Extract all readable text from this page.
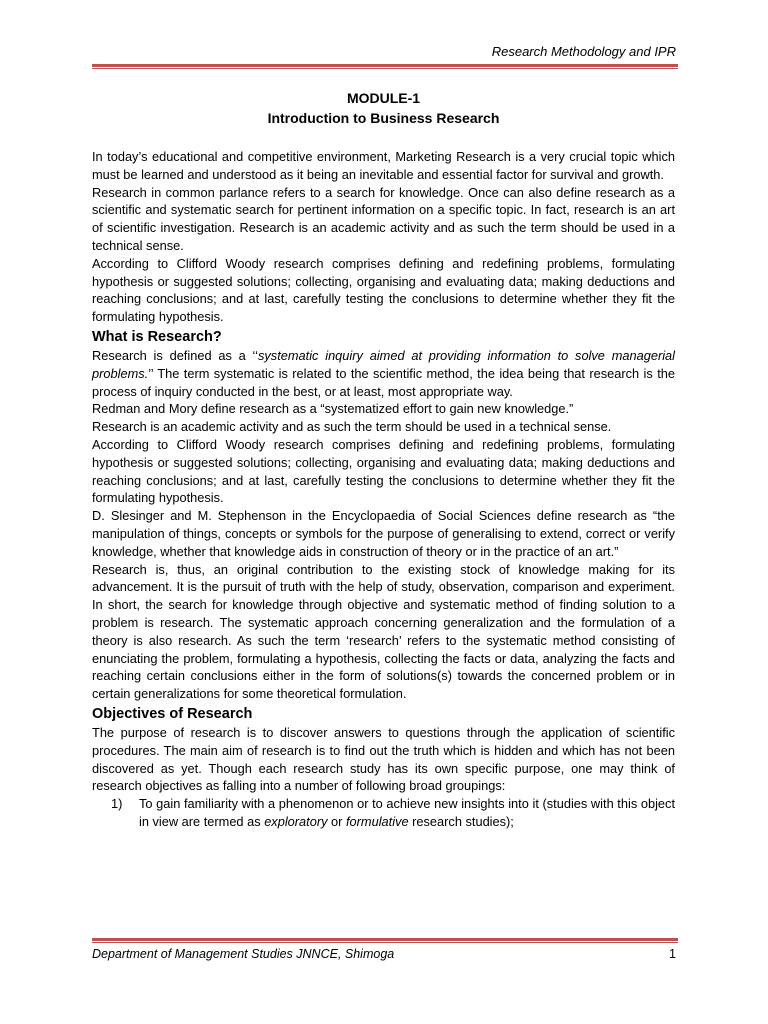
Research Methodology and IPR

MODULE-1

Introduction to Business Research

In today’s educational and competitive environment, Marketing Research is a very crucial topic which must be learned and understood as it being an inevitable and essential factor for survival and growth.

Research in common parlance refers to a search for knowledge. Once can also define research as a scientific and systematic search for pertinent information on a specific topic. In fact, research is an art of scientific investigation. Research is an academic activity and as such the term should be used in a technical sense.

According to Clifford Woody research comprises defining and redefining problems, formulating hypothesis or suggested solutions; collecting, organising and evaluating data; making deductions and reaching conclusions; and at last, carefully testing the conclusions to determine whether they fit the formulating hypothesis.

What is Research?

Research is defined as a ‘‘systematic inquiry aimed at providing information to solve managerial problems.’’ The term systematic is related to the scientific method, the idea being that research is the process of inquiry conducted in the best, or at least, most appropriate way.

Redman and Mory define research as a “systematized effort to gain new knowledge.”

Research is an academic activity and as such the term should be used in a technical sense.

According to Clifford Woody research comprises defining and redefining problems, formulating hypothesis or suggested solutions; collecting, organising and evaluating data; making deductions and reaching conclusions; and at last, carefully testing the conclusions to determine whether they fit the formulating hypothesis.

D. Slesinger and M. Stephenson in the Encyclopaedia of Social Sciences define research as “the manipulation of things, concepts or symbols for the purpose of generalising to extend, correct or verify knowledge, whether that knowledge aids in construction of theory or in the practice of an art.”

Research is, thus, an original contribution to the existing stock of knowledge making for its advancement. It is the pursuit of truth with the help of study, observation, comparison and experiment. In short, the search for knowledge through objective and systematic method of finding solution to a problem is research. The systematic approach concerning generalization and the formulation of a theory is also research. As such the term ‘research’ refers to the systematic method consisting of enunciating the problem, formulating a hypothesis, collecting the facts or data, analyzing the facts and reaching certain conclusions either in the form of solutions(s) towards the concerned problem or in certain generalizations for some theoretical formulation.

Objectives of Research

The purpose of research is to discover answers to questions through the application of scientific procedures. The main aim of research is to find out the truth which is hidden and which has not been discovered as yet. Though each research study has its own specific purpose, one may think of research objectives as falling into a number of following broad groupings:

1)	To gain familiarity with a phenomenon or to achieve new insights into it (studies with this object in view are termed as exploratory or formulative research studies);
Department of Management Studies JNNCE, Shimoga	1
